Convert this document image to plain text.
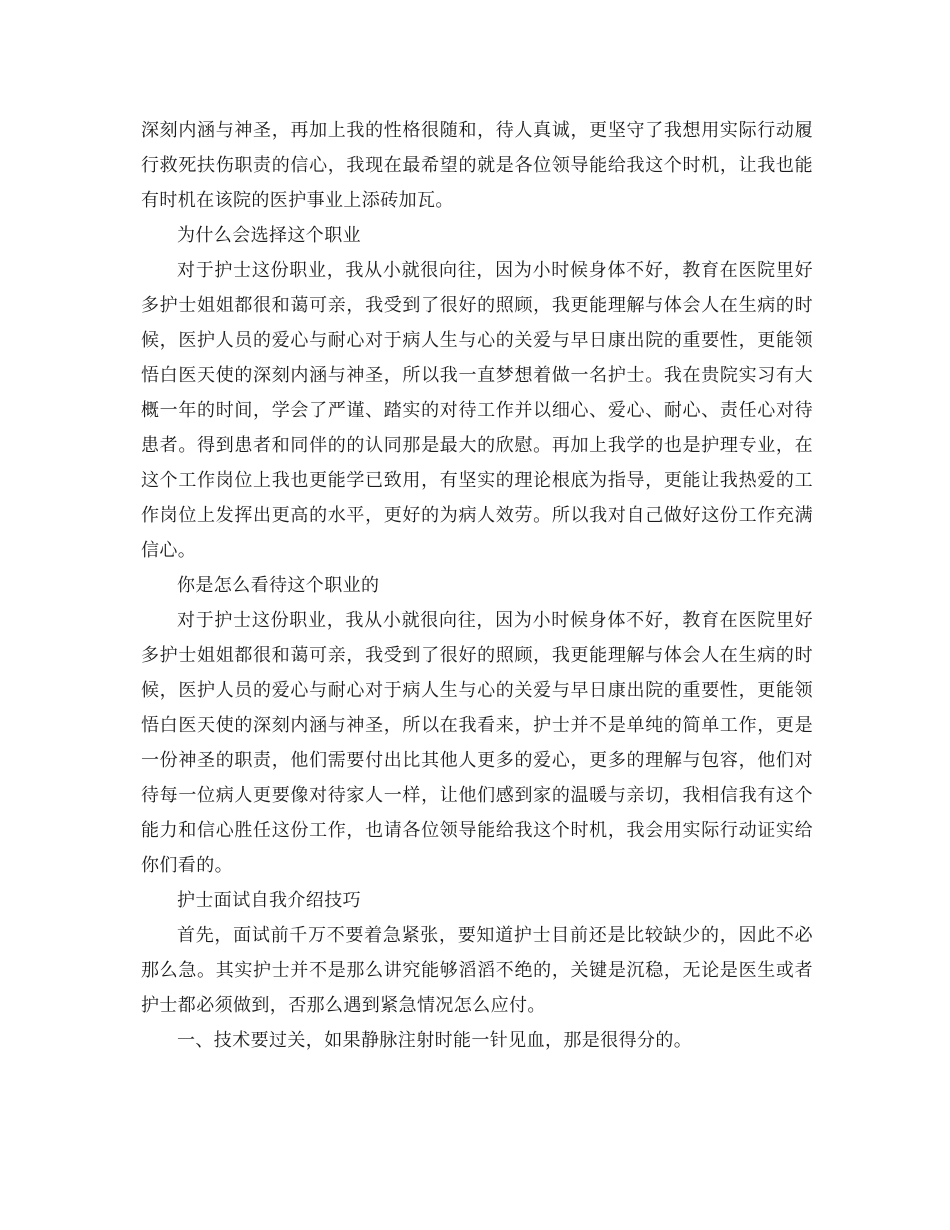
深刻内涵与神圣，再加上我的性格很随和，待人真诚，更坚守了我想用实际行动履行救死扶伤职责的信心，我现在最希望的就是各位领导能给我这个时机，让我也能有时机在该院的医护事业上添砖加瓦。

为什么会选择这个职业

对于护士这份职业，我从小就很向往，因为小时候身体不好，教育在医院里好多护士姐姐都很和蔼可亲，我受到了很好的照顾，我更能理解与体会人在生病的时候，医护人员的爱心与耐心对于病人生与心的关爱与早日康出院的重要性，更能领悟白医天使的深刻内涵与神圣，所以我一直梦想着做一名护士。我在贵院实习有大概一年的时间，学会了严谨、踏实的对待工作并以细心、爱心、耐心、责任心对待患者。得到患者和同伴的的认同那是最大的欣慰。再加上我学的也是护理专业，在这个工作岗位上我也更能学已致用，有坚实的理论根底为指导，更能让我热爱的工作岗位上发挥出更高的水平，更好的为病人效劳。所以我对自己做好这份工作充满信心。

你是怎么看待这个职业的

对于护士这份职业，我从小就很向往，因为小时候身体不好，教育在医院里好多护士姐姐都很和蔼可亲，我受到了很好的照顾，我更能理解与体会人在生病的时候，医护人员的爱心与耐心对于病人生与心的关爱与早日康出院的重要性，更能领悟白医天使的深刻内涵与神圣，所以在我看来，护士并不是单纯的简单工作，更是一份神圣的职责，他们需要付出比其他人更多的爱心，更多的理解与包容，他们对待每一位病人更要像对待家人一样，让他们感到家的温暖与亲切，我相信我有这个能力和信心胜任这份工作，也请各位领导能给我这个时机，我会用实际行动证实给你们看的。

护士面试自我介绍技巧

首先，面试前千万不要着急紧张，要知道护士目前还是比较缺少的，因此不必那么急。其实护士并不是那么讲究能够滔滔不绝的，关键是沉稳，无论是医生或者护士都必须做到，否那么遇到紧急情况怎么应付。

一、技术要过关，如果静脉注射时能一针见血，那是很得分的。
